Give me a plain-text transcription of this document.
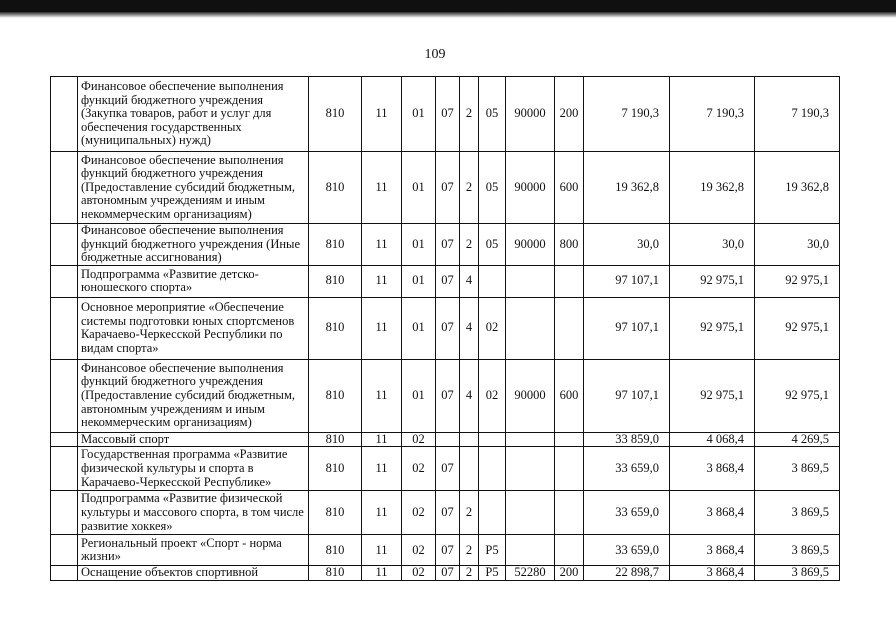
109
	Финансовое обеспечение выполнения функций бюджетного учреждения (Закупка товаров, работ и услуг для обеспечения государственных (муниципальных) нужд)	810	11	01	07	2	05	90000	200	7 190,3	7 190,3	7 190,3
	Финансовое обеспечение выполнения функций бюджетного учреждения (Предоставление субсидий бюджетным, автономным учреждениям и иным некоммерческим организациям)	810	11	01	07	2	05	90000	600	19 362,8	19 362,8	19 362,8
	Финансовое обеспечение выполнения функций бюджетного учреждения (Иные бюджетные ассигнования)	810	11	01	07	2	05	90000	800	30,0	30,0	30,0
	Подпрограмма «Развитие детско-юношеского спорта»	810	11	01	07	4				97 107,1	92 975,1	92 975,1
	Основное мероприятие «Обеспечение системы подготовки юных спортсменов Карачаево-Черкесской Республики по видам спорта»	810	11	01	07	4	02			97 107,1	92 975,1	92 975,1
	Финансовое обеспечение выполнения функций бюджетного учреждения (Предоставление субсидий бюджетным, автономным учреждениям и иным некоммерческим организациям)	810	11	01	07	4	02	90000	600	97 107,1	92 975,1	92 975,1
	Массовый спорт	810	11	02						33 859,0	4 068,4	4 269,5
	Государственная программа «Развитие физической культуры и спорта в Карачаево-Черкесской Республике»	810	11	02	07					33 659,0	3 868,4	3 869,5
	Подпрограмма «Развитие физической культуры и массового спорта, в том числе развитие хоккея»	810	11	02	07	2				33 659,0	3 868,4	3 869,5
	Региональный проект «Спорт - норма жизни»	810	11	02	07	2	P5			33 659,0	3 868,4	3 869,5
	Оснащение объектов спортивной	810	11	02	07	2	P5	52280	200	22 898,7	3 868,4	3 869,5
